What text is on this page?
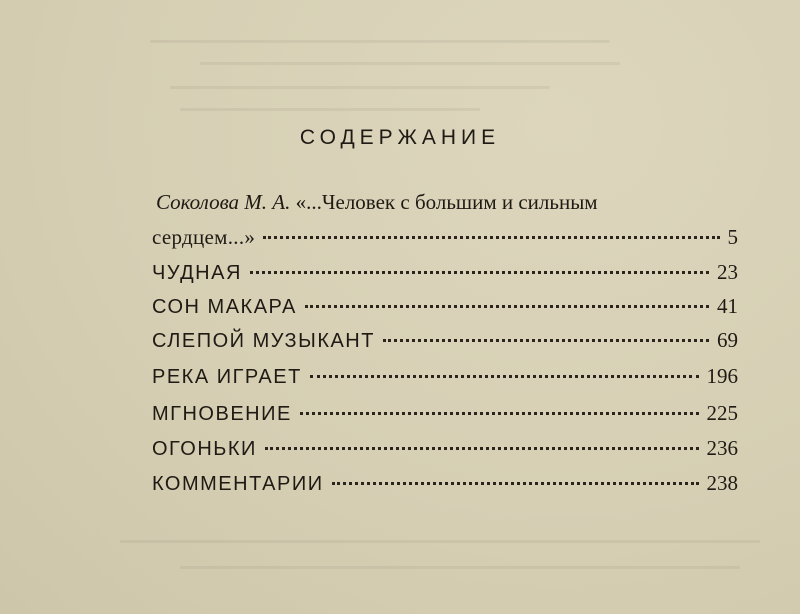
СОДЕРЖАНИЕ
Соколова М. А. «...Человек с большим и сильным
сердцем...»	5
ЧУДНАЯ	23
СОН МАКАРА	41
СЛЕПОЙ МУЗЫКАНТ	69
РЕКА ИГРАЕТ	196
МГНОВЕНИЕ	225
ОГОНЬКИ	236
КОММЕНТАРИИ	238
